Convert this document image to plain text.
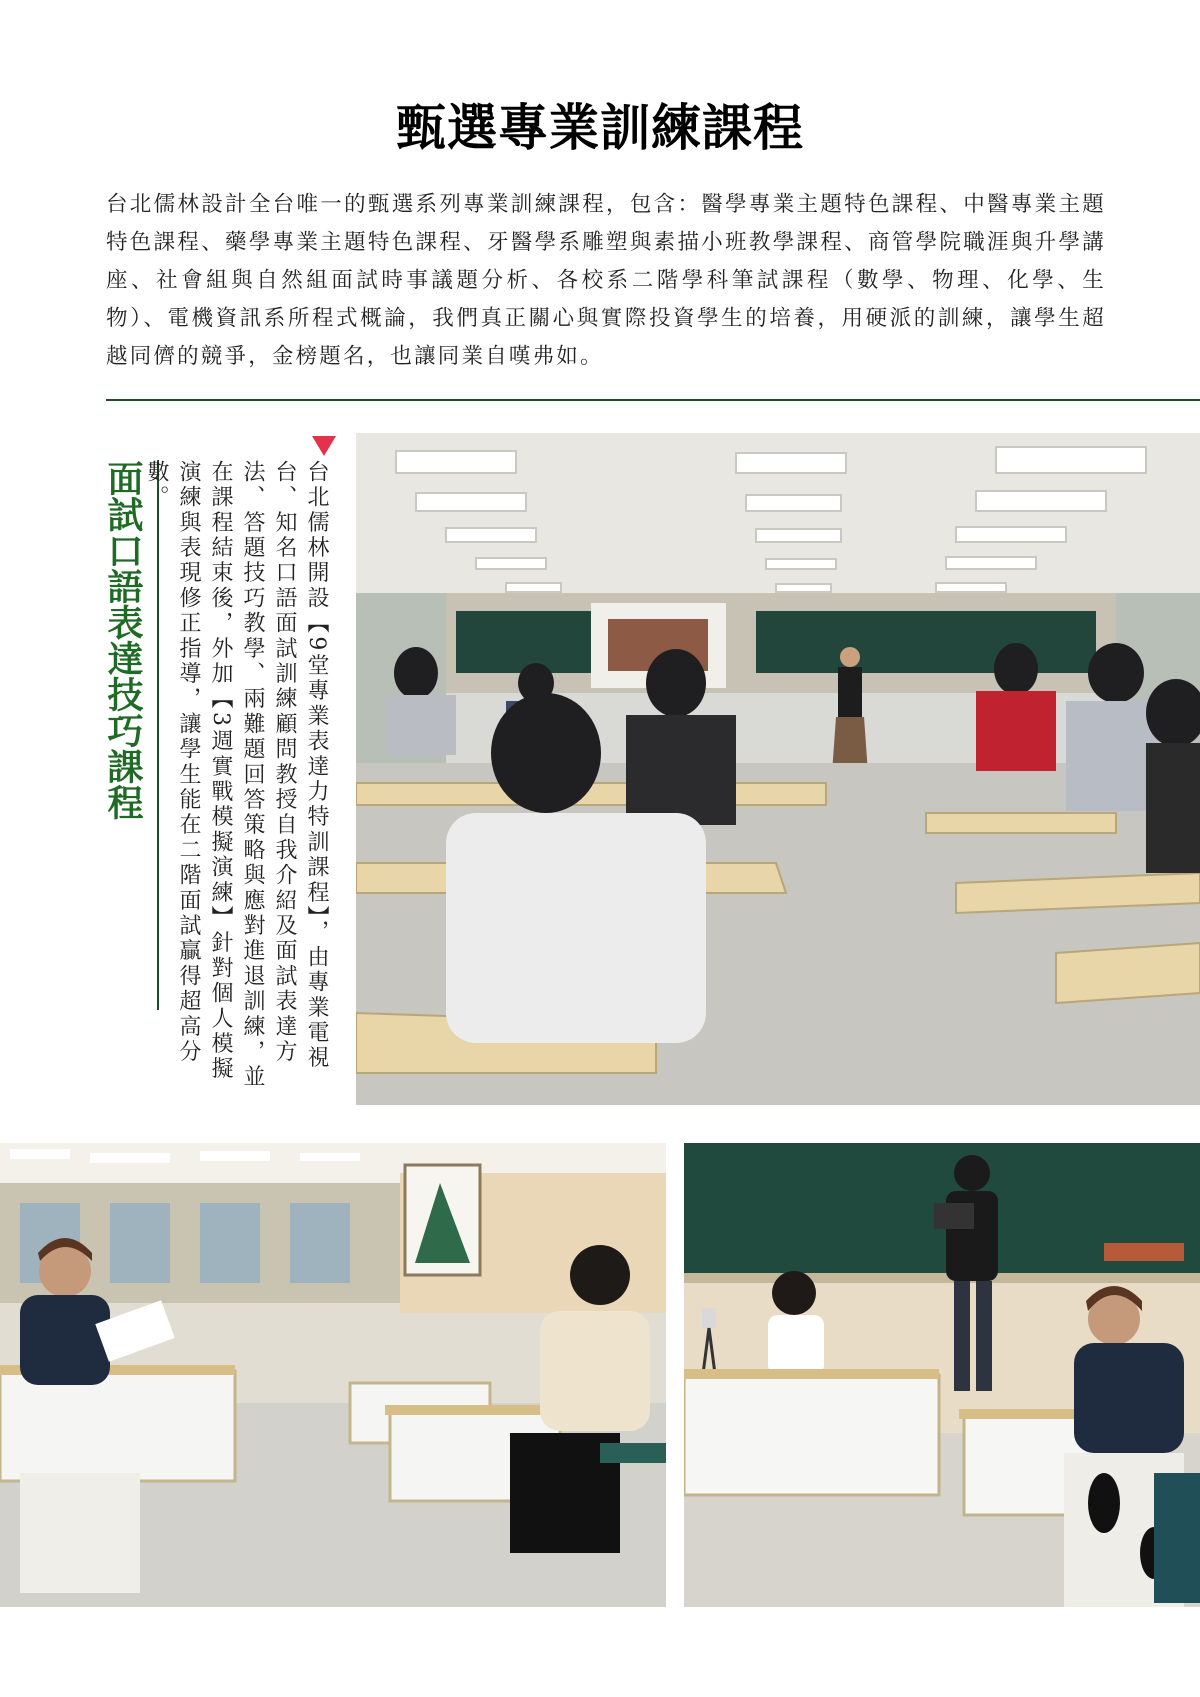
甄選專業訓練課程

台北儒林設計全台唯一的甄選系列專業訓練課程，包含：醫學專業主題特色課程、中醫專業主題特色課程、藥學專業主題特色課程、牙醫學系雕塑與素描小班教學課程、商管學院職涯與升學講座、社會組與自然組面試時事議題分析、各校系二階學科筆試課程（數學、物理、化學、生物）、電機資訊系所程式概論，我們真正關心與實際投資學生的培養，用硬派的訓練，讓學生超越同儕的競爭，金榜題名，也讓同業自嘆弗如。

面試口語表達技巧課程	台北儒林開設【9堂專業表達力特訓課程】，由專業電視台、知名口語面試訓練顧問教授自我介紹及面試表達方法、答題技巧教學、兩難題回答策略與應對進退訓練，並在課程結束後，外加【3週實戰模擬演練】針對個人模擬演練與表現修正指導，讓學生能在二階面試贏得超高分數。
